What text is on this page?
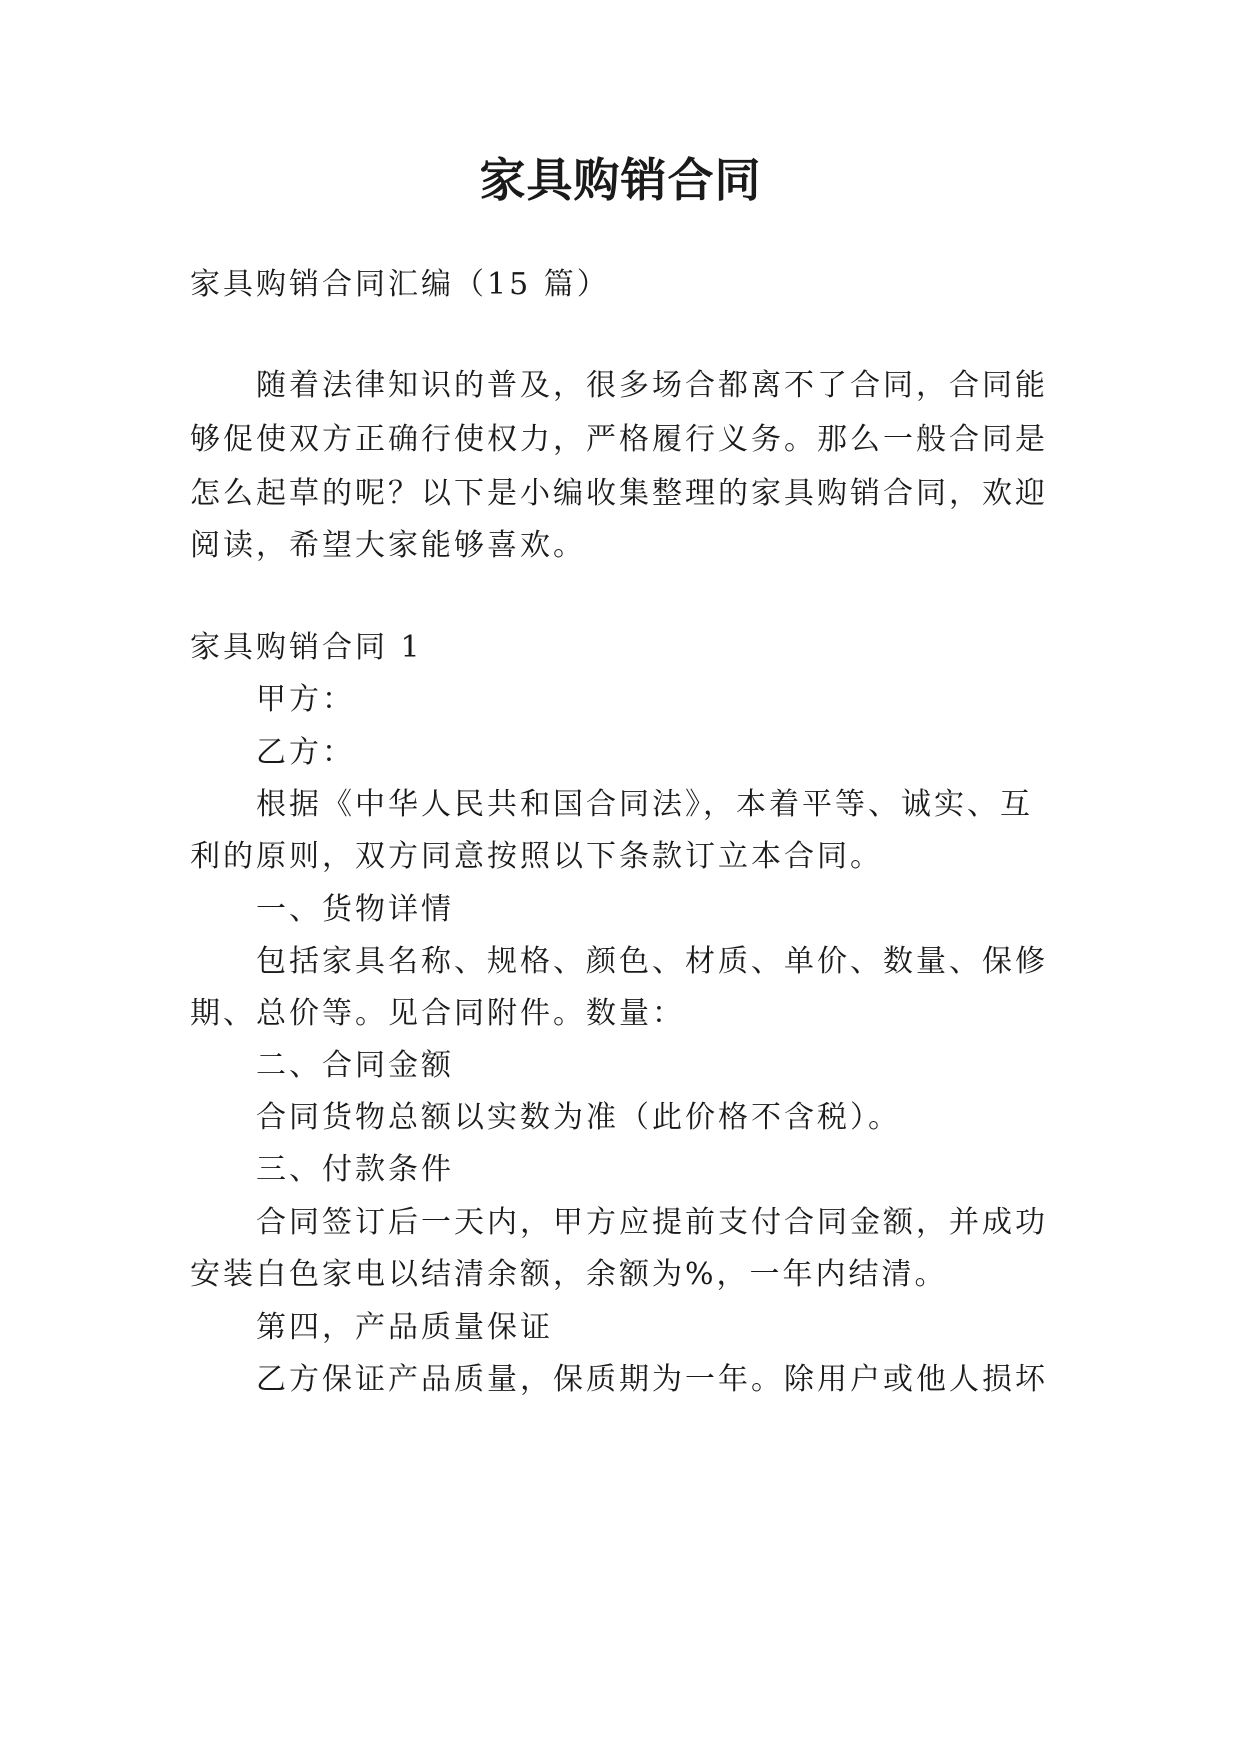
家具购销合同
家具购销合同汇编（15 篇）
随着法律知识的普及，很多场合都离不了合同，合同能
够促使双方正确行使权力，严格履行义务。那么一般合同是
怎么起草的呢？以下是小编收集整理的家具购销合同，欢迎
阅读，希望大家能够喜欢。
家具购销合同 1
甲方：
乙方：
根据《中华人民共和国合同法》，本着平等、诚实、互
利的原则，双方同意按照以下条款订立本合同。
一、货物详情
包括家具名称、规格、颜色、材质、单价、数量、保修
期、总价等。见合同附件。数量：
二、合同金额
合同货物总额以实数为准（此价格不含税）。
三、付款条件
合同签订后一天内，甲方应提前支付合同金额，并成功
安装白色家电以结清余额，余额为%，一年内结清。
第四，产品质量保证
乙方保证产品质量，保质期为一年。除用户或他人损坏
